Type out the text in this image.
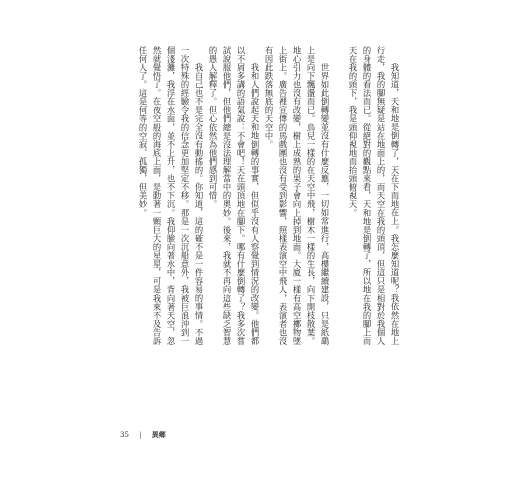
我知道，天和地是倒轉了，天在下而地在上。我怎麼知道呢？我依然在地上行走，我的腳無疑是站在地面上的，而天空在我的頭頂，但這只是相對於我個人的身體的看法而已。從絕對的觀點來看，天和地是倒轉了，所以地在我的腳上而天在我的頭下，我是頭仰視地而抬頭俯視天。

世界如此倒轉變並沒有什麼反應，一切如常進行，高樓繼續建設，只是紙鷂上是向下飄盪而已。鳥兒一樣的在天空中飛，樹木一樣的生長，向下開枝散葉。地心引力也沒有改變，樹上成熟的果子會向上掉到地面。大廈一樣有高空擲物墜上街上。廣告裡宣傳的馬戲團也沒有受到影響，照樣表演空中飛人，表演者也沒有因此跌落無底的天空中。

我和人們說起天和地倒轉的事實，但似乎沒有人察覺到情況的改變。他們都以不屑多講的語氣說：不會吧！天在頭頂地在腳下。哪有什麼倒轉了？我多次嘗試說服他們，但他們總是沒法理解當中的奧妙。後來，我就不再向這些缺乏智慧的愚人解釋了。但心依然為他們感到可惜。

我自己也不是完全沒有動搖的。你知道，這的確不是一件容易的事情。不過一次特殊的經驗令我的信念更加堅定不移。那是一次沉船意外，我被巨浪沖到一個淺灘，我浮在水面，並不上升，也不下沉。我仰臉向著水中，背向著天空，忽然就覺悟了。在夜空般的海底上面，是動著一顆巨大的星星，可是我來不及告訴任何人了。這是何等的空寂、孤獨，但美妙。

35 | 異鄉
